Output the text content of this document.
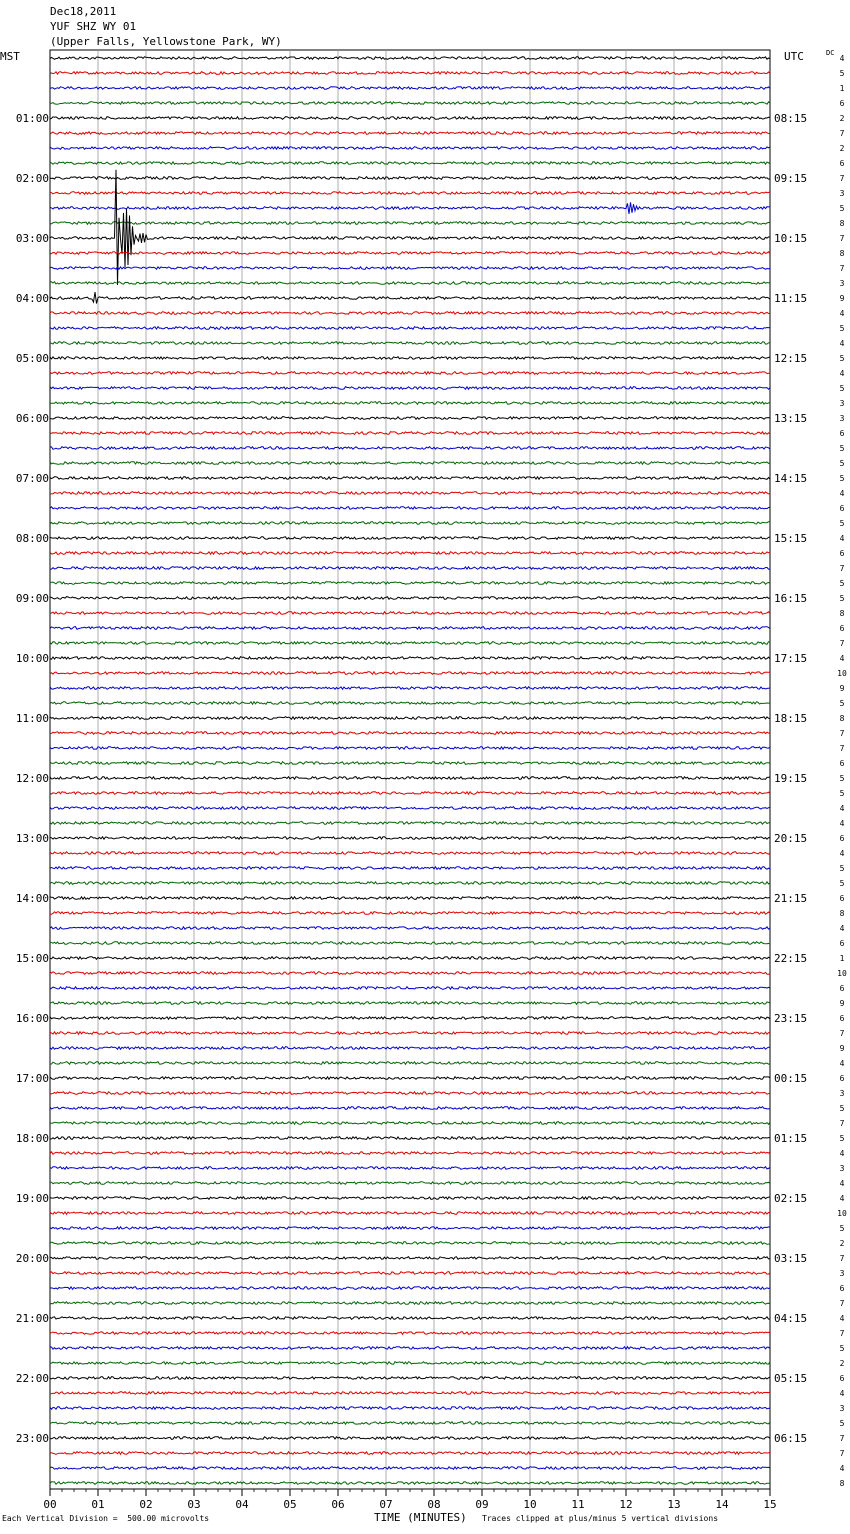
Dec18,2011
YUF SHZ WY 01
(Upper Falls, Yellowstone Park, WY)
MST	UTC	DC
00	01	02	03	04	05	06	07	08	09	10	11	12	13	14	15
4
5
1
6
2
7
2
6
7
3
5
8
7
8
7
3
9
4
5
4
5
4
5
3
3
6
5
5
5
4
6
5
4
6
7
5
5
8
6
7
4
10
9
5
8
7
7
6
5
5
4
4
6
4
5
5
6
8
4
6
1
10
6
9
6
7
9
4
6
3
5
7
5
4
3
4
4
10
5
2
7
3
6
7
4
7
5
2
6
4
3
5
7
7
4
8
01:00
02:00
03:00
04:00
05:00
06:00
07:00
08:00
09:00
10:00
11:00
12:00
13:00
14:00
15:00
16:00
17:00
18:00
19:00
20:00
21:00
22:00
23:00
08:15
09:15
10:15
11:15
12:15
13:15
14:15
15:15
16:15
17:15
18:15
19:15
20:15
21:15
22:15
23:15
00:15
01:15
02:15
03:15
04:15
05:15
06:15
Each Vertical Division =  500.00 microvolts	TIME (MINUTES) Traces clipped at plus/minus 5 vertical divisions
